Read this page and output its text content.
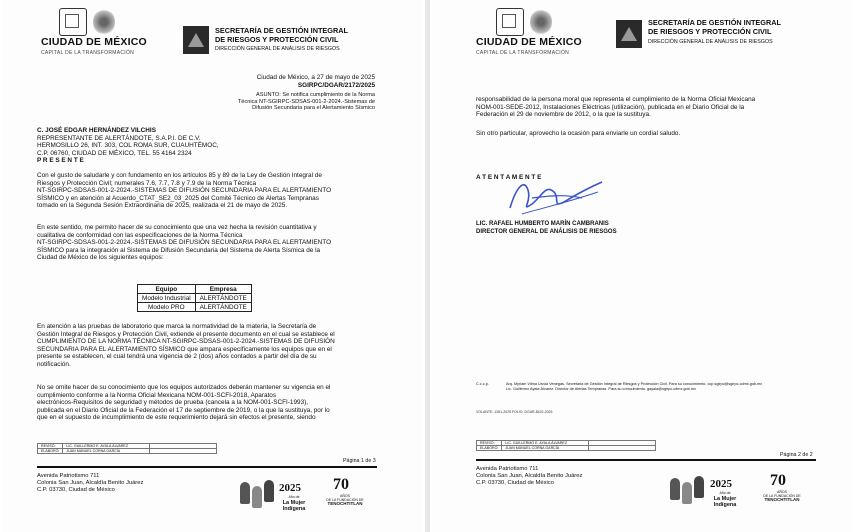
CIUDAD DE MÉXICO
CAPITAL DE LA TRANSFORMACIÓN
SECRETARÍA DE GESTIÓN INTEGRAL
DE RIESGOS Y PROTECCIÓN CIVIL
DIRECCIÓN GENERAL DE ANÁLISIS DE RIESGOS
Ciudad de México, a 27 de mayo de 2025
SGIRPC/DGAR/2172/2025
ASUNTO: Se notifica cumplimiento de la Norma
Técnica NT-SGIRPC-SDSAS-001-2-2024.-Sistemas de
Difusión Secundaria para el Alertamiento Sísmico
C. JOSÉ EDGAR HERNÁNDEZ VILCHIS
REPRESENTANTE DE ALERTÁNDOTE, S.A.P.I. DE C.V.
HERMOSILLO 26, INT. 303, COL ROMA SUR, CUAUHTÉMOC,
C.P. 06760, CIUDAD DE MÉXICO, TEL. 55 4164 2324
P R E S E N T E
Con el gusto de saludarle y con fundamento en los artículos 85 y 89 de la Ley de Gestión Integral de
Riesgos y Protección Civil; numerales 7.6, 7.7, 7.8 y 7.9 de la Norma Técnica
NT-SGIRPC-SDSAS-001-2-2024.-SISTEMAS DE DIFUSIÓN SECUNDARIA PARA EL ALERTAMIENTO
SÍSMICO y en atención al Acuerdo_CTAT_SE2_03_2025 del Comité Técnico de Alertas Tempranas
tomado en la Segunda Sesión Extraordinaria de 2025, realizada el 21 de mayo de 2025.
En este sentido, me permito hacer de su conocimiento que una vez hecha la revisión cuantitativa y
cualitativa de conformidad con las especificaciones de la Norma Técnica
NT-SGIRPC-SDSAS-001-2-2024.-SISTEMAS DE DIFUSIÓN SECUNDARIA PARA EL ALERTAMIENTO
SÍSMICO para la integración al Sistema de Difusión Secundaria del Sistema de Alerta Sísmica de la
Ciudad de México de los siguientes equipos:
Equipo	Empresa
Modelo Industrial	ALERTÁNDOTE
Modelo PRO	ALERTÁNDOTE
En atención a las pruebas de laboratorio que marca la normatividad de la materia, la Secretaría de
Gestión Integral de Riesgos y Protección Civil, extiende el presente documento en el cual se establece el
CUMPLIMIENTO DE LA NORMA TÉCNICA NT-SGIRPC-SDSAS-001-2-2024.-SISTEMAS DE DIFUSIÓN
SECUNDARIA PARA EL ALERTAMIENTO SÍSMICO que ampara específicamente los equipos que en el
presente se establecen, el cual tendrá una vigencia de 2 (dos) años contados a partir del día de su
notificación.
No se omite hacer de su conocimiento que los equipos autorizados deberán mantener su vigencia en el
cumplimiento conforme a la Norma Oficial Mexicana NOM-001-SCFI-2018, Aparatos
electrónicos-Requisitos de seguridad y métodos de prueba (cancela a la NOM-001-SCFI-1993),
publicada en el Diario Oficial de la Federación el 17 de septiembre de 2019, o la que la sustituya, por lo
que en el supuesto de incumplimiento de este requerimiento dejará sin efectos el presente, siendo
REVISÓ:	LIC. GUILLERMO E. AYALA ÁLVAREZ	
ELABORÓ:	JUAN MANUEL CORNA GARCÍA	
Página 1 de 3
Avenida Patriotismo 711
Colonia San Juan, Alcaldía Benito Juárez
C.P. 03730, Ciudad de México	2025
Año de
La Mujer
Indígena
70
AÑOS
DE LA FUNDACIÓN DE
TENOCHTITLAN
CIUDAD DE MÉXICO
CAPITAL DE LA TRANSFORMACIÓN
SECRETARÍA DE GESTIÓN INTEGRAL
DE RIESGOS Y PROTECCIÓN CIVIL
DIRECCIÓN GENERAL DE ANÁLISIS DE RIESGOS
responsabilidad de la persona moral que representa el cumplimiento de la Norma Oficial Mexicana
NOM-001-SEDE-2012, Instalaciones Eléctricas (utilización), publicada en el Diario Oficial de la
Federación el 29 de noviembre de 2012, o la que la sustituya.
Sin otro particular, aprovecho la ocasión para enviarle un cordial saludo.
A T E N T A M E N T E
LIC. RAFAEL HUMBERTO MARÍN CAMBRANIS
DIRECTOR GENERAL DE ANÁLISIS DE RIESGOS
C.c.c.p.	Arq. Myriam Vilma Urzúa Venegas. Secretaria de Gestión Integral de Riesgos y Protección Civil. Para su conocimiento. ccp.sgirpc@sgirpc.cdmx.gob.mx
Lic. Guillermo Ayala Álvarez. Director de Alertas Tempranas. Para su conocimiento. gayala@sgirpc.cdmx.gob.mx
VOLANTE: 1261-2025 FOLIO: DGAR-8422-2025
REVISÓ:	LIC. GUILLERMO E. AYALA ÁLVAREZ	
ELABORÓ:	JUAN MANUEL CORNA GARCÍA	
Página 2 de 2
Avenida Patriotismo 711
Colonia San Juan, Alcaldía Benito Juárez
C.P. 03730, Ciudad de México	2025
Año de
La Mujer
Indígena
70
AÑOS
DE LA FUNDACIÓN DE
TENOCHTITLAN
